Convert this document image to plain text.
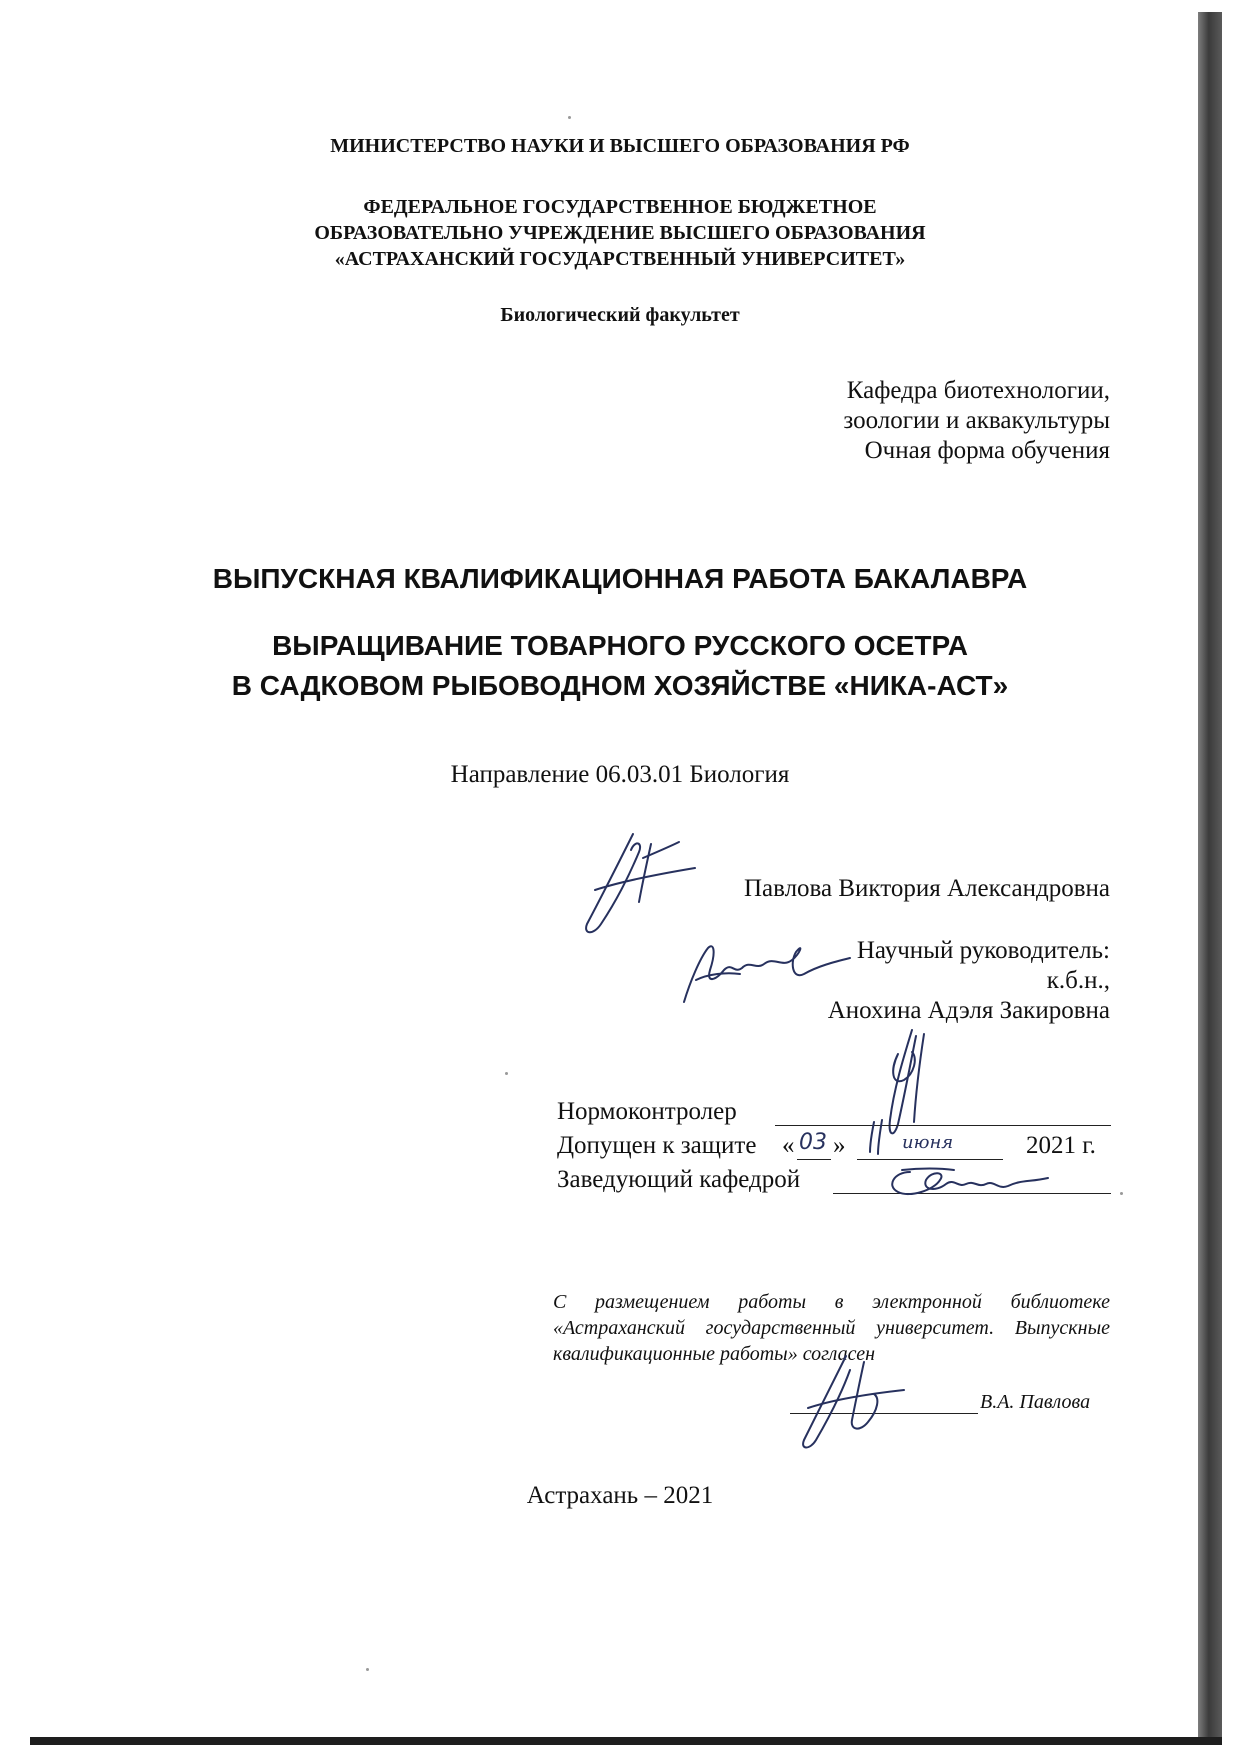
МИНИСТЕРСТВО НАУКИ И ВЫСШЕГО ОБРАЗОВАНИЯ РФ
ФЕДЕРАЛЬНОЕ ГОСУДАРСТВЕННОЕ БЮДЖЕТНОЕ
ОБРАЗОВАТЕЛЬНО УЧРЕЖДЕНИЕ ВЫСШЕГО ОБРАЗОВАНИЯ
«АСТРАХАНСКИЙ ГОСУДАРСТВЕННЫЙ УНИВЕРСИТЕТ»
Биологический факультет
Кафедра биотехнологии,
зоологии и аквакультуры
Очная форма обучения
ВЫПУСКНАЯ КВАЛИФИКАЦИОННАЯ РАБОТА БАКАЛАВРА
ВЫРАЩИВАНИЕ ТОВАРНОГО РУССКОГО ОСЕТРА
В САДКОВОМ РЫБОВОДНОМ ХОЗЯЙСТВЕ «НИКА-АСТ»
Направление 06.03.01 Биология
Павлова Виктория Александровна
Научный руководитель:
к.б.н.,
Анохина Адэля Закировна
Нормоконтролер
Допущен к защите « 03 »	июня	2021 г.
Заведующий кафедрой
С размещением работы в электронной библиотеке «Астраханский государственный университет. Выпускные квалификационные работы» согласен
В.А. Павлова
Астрахань – 2021
